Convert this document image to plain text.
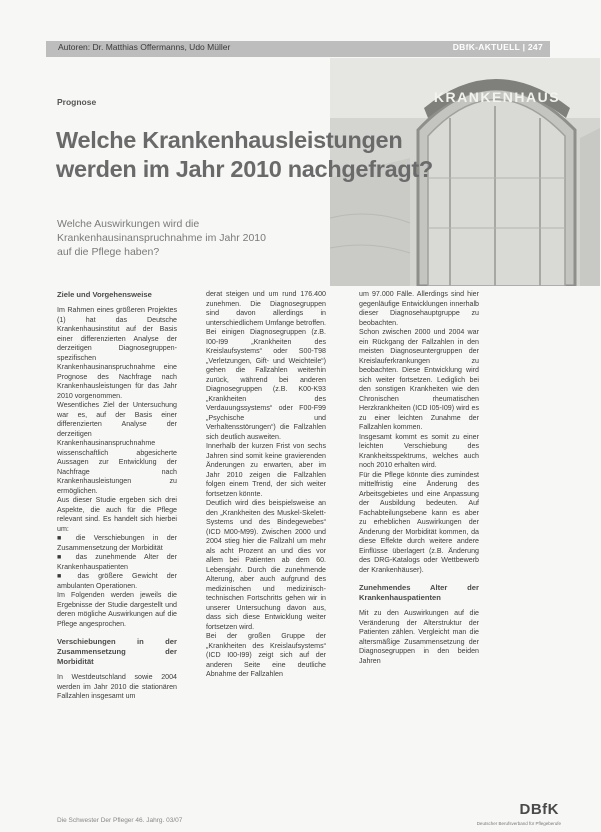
Autoren: Dr. Matthias Offermanns, Udo Müller	DBfK-AKTUELL | 247
KRANKENHAUS
Prognose
Welche Krankenhausleistungen
werden im Jahr 2010 nachgefragt?
Welche Auswirkungen wird die
Krankenhausinanspruchnahme im Jahr 2010
auf die Pflege haben?
Ziele und Vorgehensweise

Im Rahmen eines größeren Projektes (1) hat das Deutsche Krankenhausinstitut auf der Basis einer differenzierten Analyse der derzeitigen Diagnosegruppen-spezifischen Krankenhausinanspruchnahme eine Prognose des Nachfrage nach Krankenhausleistungen für das Jahr 2010 vorgenommen.

Wesentliches Ziel der Untersuchung war es, auf der Basis einer differenzierten Analyse der derzeitigen Krankenhausinanspruchnahme wissenschaftlich abgesicherte Aussagen zur Entwicklung der Nachfrage nach Krankenhausleistungen zu ermöglichen.

Aus dieser Studie ergeben sich drei Aspekte, die auch für die Pflege relevant sind. Es handelt sich hierbei um:

■ die Verschiebungen in der Zusammensetzung der Morbidität

■ das zunehmende Alter der Krankenhauspatienten

■ das größere Gewicht der ambulanten Operationen.

Im Folgenden werden jeweils die Ergebnisse der Studie dargestellt und deren mögliche Auswirkungen auf die Pflege angesprochen.

Verschiebungen in der Zusammensetzung der Morbidität

In Westdeutschland sowie 2004 werden im Jahr 2010 die stationären Fallzahlen insgesamt um

derat steigen und um rund 176.400 zunehmen. Die Diagnosegruppen sind davon allerdings in unterschiedlichem Umfange betroffen. Bei einigen Diagnosegruppen (z.B. I00-I99 „Krankheiten des Kreislaufsystems“ oder S00-T98 „Verletzungen, Gift- und Weichteile“) gehen die Fallzahlen weiterhin zurück, während bei anderen Diagnosegruppen (z.B. K00-K93 „Krankheiten des Verdauungssystems“ oder F00-F99 „Psychische und Verhaltensstörungen“) die Fallzahlen sich deutlich ausweiten.

Innerhalb der kurzen Frist von sechs Jahren sind somit keine gravierenden Änderungen zu erwarten, aber im Jahr 2010 zeigen die Fallzahlen folgen einem Trend, der sich weiter fortsetzen könnte.

Deutlich wird dies beispielsweise an den „Krankheiten des Muskel-Skelett-Systems und des Bindegewebes“ (ICD M00-M99). Zwischen 2000 und 2004 stieg hier die Fallzahl um mehr als acht Prozent an und dies vor allem bei Patienten ab dem 60. Lebensjahr. Durch die zunehmende Alterung, aber auch aufgrund des medizinischen und medizinisch-technischen Fortschritts gehen wir in unserer Untersuchung davon aus, dass sich diese Entwicklung weiter fortsetzen wird.

Bei der großen Gruppe der „Krankheiten des Kreislaufsystems“ (ICD I00-I99) zeigt sich auf der anderen Seite eine deutliche Abnahme der Fallzahlen

um 97.000 Fälle. Allerdings sind hier gegenläufige Entwicklungen innerhalb dieser Diagnosehauptgruppe zu beobachten.

Schon zwischen 2000 und 2004 war ein Rückgang der Fallzahlen in den meisten Diagnoseuntergruppen der Kreislauferkrankungen zu beobachten. Diese Entwicklung wird sich weiter fortsetzen. Lediglich bei den sonstigen Krankheiten wie den Chronischen rheumatischen Herzkrankheiten (ICD I05-I09) wird es zu einer leichten Zunahme der Fallzahlen kommen.

Insgesamt kommt es somit zu einer leichten Verschiebung des Krankheitsspektrums, welches auch noch 2010 erhalten wird.

Für die Pflege könnte dies zumindest mittelfristig eine Änderung des Arbeitsgebietes und eine Anpassung der Ausbildung bedeuten. Auf Fachabteilungsebene kann es aber zu erheblichen Auswirkungen der Änderung der Morbidität kommen, da diese Effekte durch weitere andere Einflüsse überlagert (z.B. Änderung des DRG-Katalogs oder Wettbewerb der Krankenhäuser).

Zunehmendes Alter der Krankenhauspatienten

Mit zu den Auswirkungen auf die Veränderung der Alterstruktur der Patienten zählen. Vergleicht man die altersmäßige Zusammensetzung der Diagnosegruppen in den beiden Jahren

Die Schwester Der Pfleger 46. Jahrg. 03/07
DBfK
Deutscher Berufsverband für Pflegeberufe
